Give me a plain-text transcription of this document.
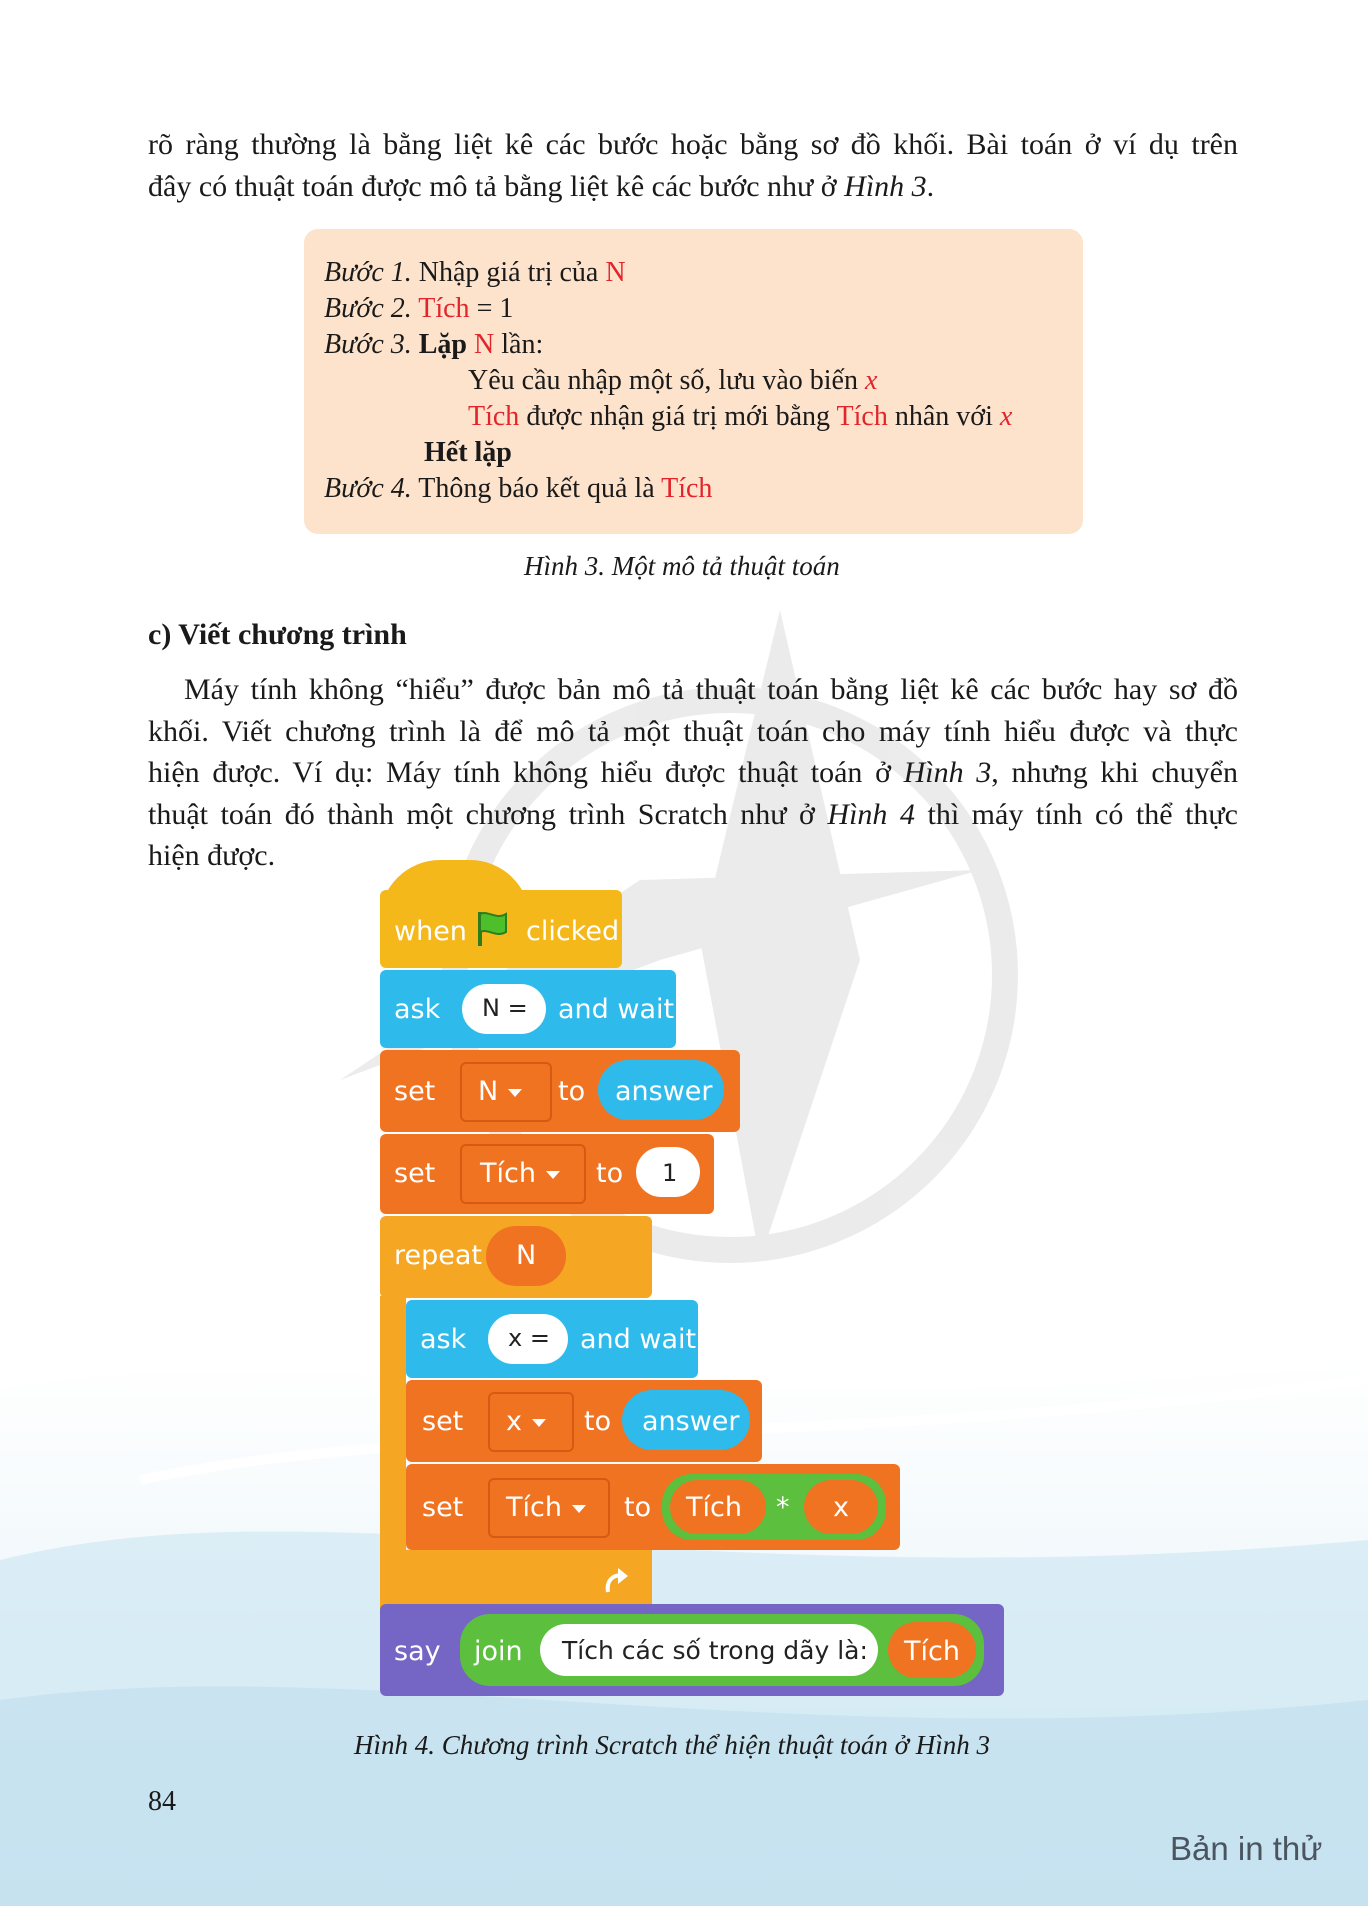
rõ ràng thường là bằng liệt kê các bước hoặc bằng sơ đồ khối. Bài toán ở ví dụ trên
đây có thuật toán được mô tả bằng liệt kê các bước như ở Hình 3.
Bước 1. Nhập giá trị của N
Bước 2. Tích = 1
Bước 3. Lặp N lần:
Yêu cầu nhập một số, lưu vào biến x
Tích được nhận giá trị mới bằng Tích nhân với x
Hết lặp
Bước 4. Thông báo kết quả là Tích
Hình 3. Một mô tả thuật toán
c) Viết chương trình
Máy tính không “hiểu” được bản mô tả thuật toán bằng liệt kê các bước hay sơ đồ
khối. Viết chương trình là để mô tả một thuật toán cho máy tính hiểu được và thực
hiện được. Ví dụ: Máy tính không hiểu được thuật toán ở Hình 3, nhưng khi chuyển
thuật toán đó thành một chương trình Scratch như ở Hình 4 thì máy tính có thể thực
hiện được.
when clicked
ask N = and wait
set N	to answer
set Tích	to 1
repeat N
ask x = and wait
set x	to answer
set Tích	to Tích * x
say join Tích các số trong dãy là: Tích
Hình 4. Chương trình Scratch thể hiện thuật toán ở Hình 3
84
Bản in thử
